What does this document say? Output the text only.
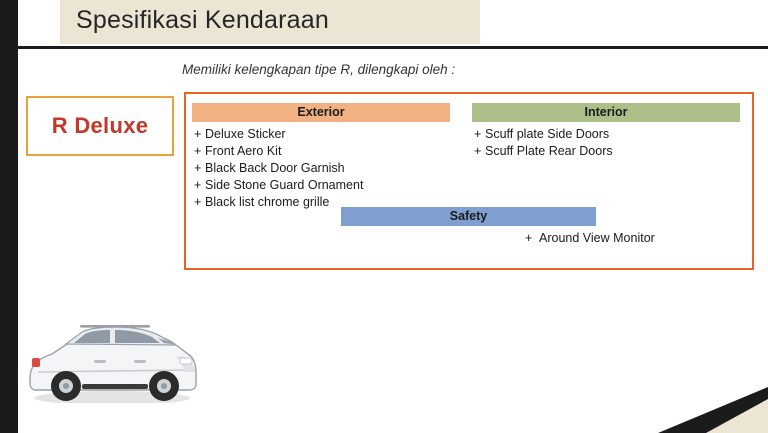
Spesifikasi Kendaraan
Memiliki kelengkapan tipe R, dilengkapi oleh :
R Deluxe
Exterior
+ Deluxe Sticker
+ Front Aero Kit
+ Black Back Door Garnish
+ Side Stone Guard Ornament
+ Black list chrome grille
Interior
+ Scuff plate Side Doors
+ Scuff Plate Rear Doors
Safety
+ Around View Monitor
